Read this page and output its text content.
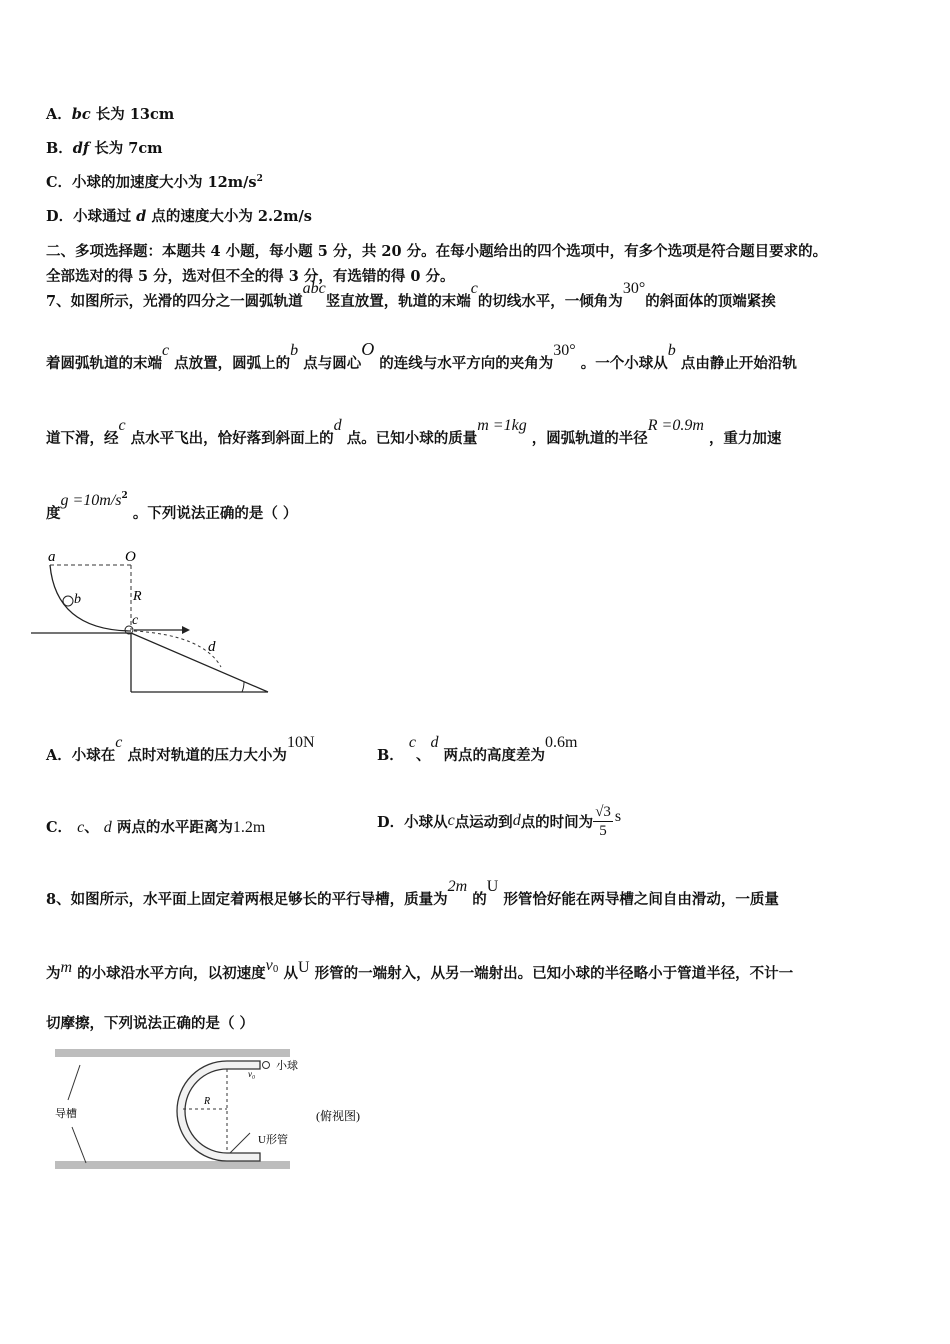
A．bc 长为 13cm
B．df 长为 7cm
C．小球的加速度大小为 $12m/s^2$
D．小球通过 d 点的速度大小为 2.2m/s
二、多项选择题：本题共 4 小题，每小题 5 分，共 20 分。在每小题给出的四个选项中，有多个选项是符合题目要求的。
全部选对的得 5 分，选对但不全的得 3 分，有选错的得 0 分。
7、如图所示，光滑的四分之一圆弧轨道abc竖直放置，轨道的末端c的切线水平，一倾角为30°的斜面体的顶端紧挨
着圆弧轨道的末端c 点放置，圆弧上的b 点与圆心O 的连线与水平方向的夹角为30° 。一个小球从b 点由静止开始沿轨
道下滑，经c 点水平飞出，恰好落到斜面上的d 点。已知小球的质量m =1kg ，圆弧轨道的半径R =0.9m ，重力加速
度$g =10m/s^2$ 。下列说法正确的是（ ）
a	O
b	R
c
d
A．小球在c 点时对轨道的压力大小为10N
B． c、d 两点的高度差为0.6m
C． c、 d 两点的水平距离为1.2m	D． 小球从 c 点运动到 d 点的时间为 $\frac{√3}{5}$ s
8、如图所示，水平面上固定着两根足够长的平行导槽，质量为2m 的U 形管恰好能在两导槽之间自由滑动，一质量
为m 的小球沿水平方向，以初速度$v_0$ 从U 形管的一端射入，从另一端射出。已知小球的半径略小于管道半径，不计一
切摩擦，下列说法正确的是（ ）
导槽
小球
v₀
R
U形管
(俯视图)
